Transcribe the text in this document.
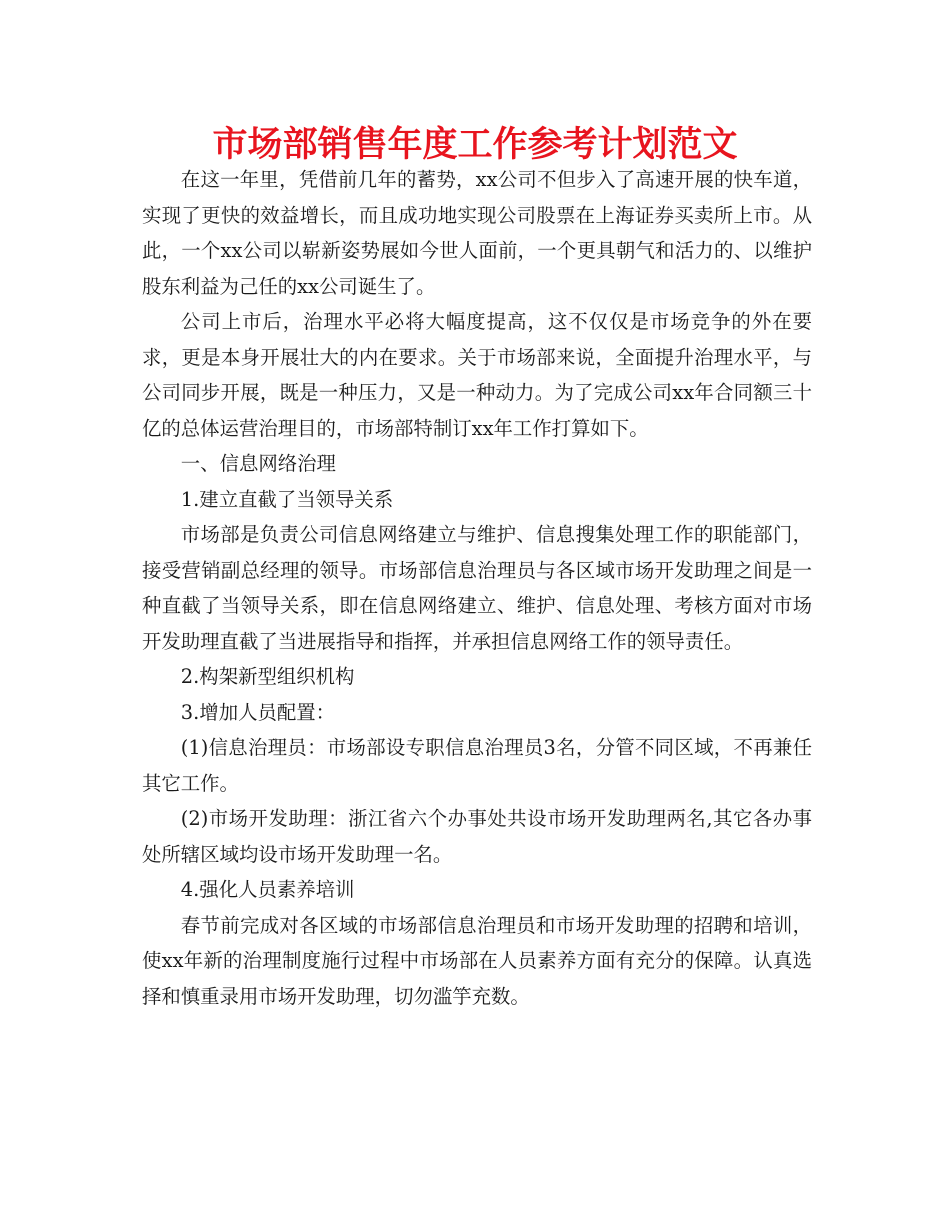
市场部销售年度工作参考计划范文

在这一年里，凭借前几年的蓄势，xx公司不但步入了高速开展的快车道，实现了更快的效益增长，而且成功地实现公司股票在上海证券买卖所上市。从此，一个xx公司以崭新姿势展如今世人面前，一个更具朝气和活力的、以维护股东利益为己任的xx公司诞生了。

公司上市后，治理水平必将大幅度提高，这不仅仅是市场竞争的外在要求，更是本身开展壮大的内在要求。关于市场部来说，全面提升治理水平，与公司同步开展，既是一种压力，又是一种动力。为了完成公司xx年合同额三十亿的总体运营治理目的，市场部特制订xx年工作打算如下。

一、信息网络治理

1.建立直截了当领导关系

市场部是负责公司信息网络建立与维护、信息搜集处理工作的职能部门，接受营销副总经理的领导。市场部信息治理员与各区域市场开发助理之间是一种直截了当领导关系，即在信息网络建立、维护、信息处理、考核方面对市场开发助理直截了当进展指导和指挥，并承担信息网络工作的领导责任。

2.构架新型组织机构

3.增加人员配置：

(1)信息治理员：市场部设专职信息治理员3名，分管不同区域，不再兼任其它工作。

(2)市场开发助理：浙江省六个办事处共设市场开发助理两名,其它各办事处所辖区域均设市场开发助理一名。

4.强化人员素养培训

春节前完成对各区域的市场部信息治理员和市场开发助理的招聘和培训，使xx年新的治理制度施行过程中市场部在人员素养方面有充分的保障。认真选择和慎重录用市场开发助理，切勿滥竽充数。
